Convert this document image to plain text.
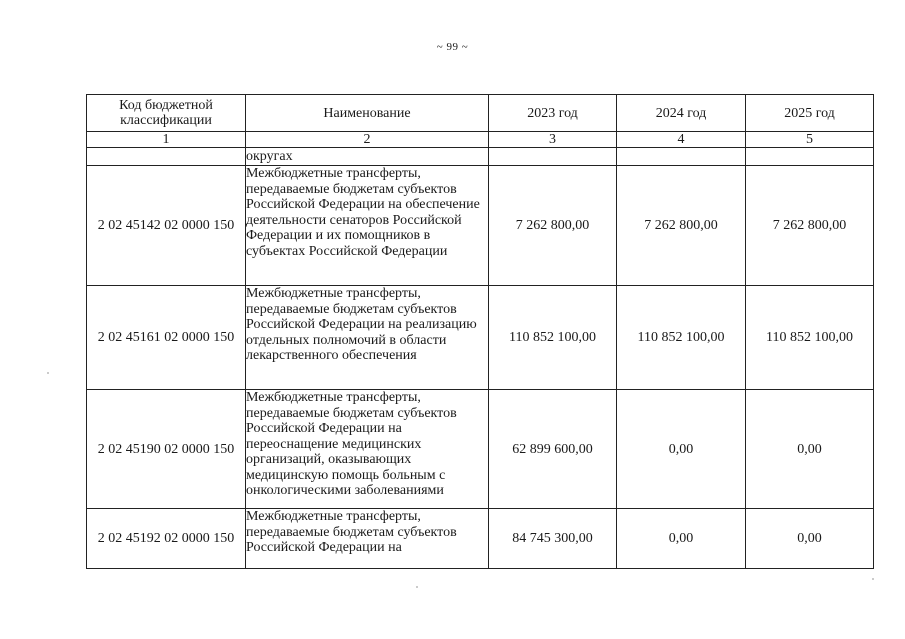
~ 99 ~
Код бюджетной классификации	Наименование	2023 год	2024 год	2025 год
1	2	3	4	5
	округах			
2 02 45142 02 0000 150	Межбюджетные трансферты, передаваемые бюджетам субъектов Российской Федерации на обеспечение деятельности сенаторов Российской Федерации и их помощников в субъектах Российской Федерации	7 262 800,00	7 262 800,00	7 262 800,00
2 02 45161 02 0000 150	Межбюджетные трансферты, передаваемые бюджетам субъектов Российской Федерации на реализацию отдельных полномочий в области лекарственного обеспечения	110 852 100,00	110 852 100,00	110 852 100,00
2 02 45190 02 0000 150	Межбюджетные трансферты, передаваемые бюджетам субъектов Российской Федерации на переоснащение медицинских организаций, оказывающих медицинскую помощь больным с онкологическими заболеваниями	62 899 600,00	0,00	0,00
2 02 45192 02 0000 150	Межбюджетные трансферты, передаваемые бюджетам субъектов Российской Федерации на	84 745 300,00	0,00	0,00
